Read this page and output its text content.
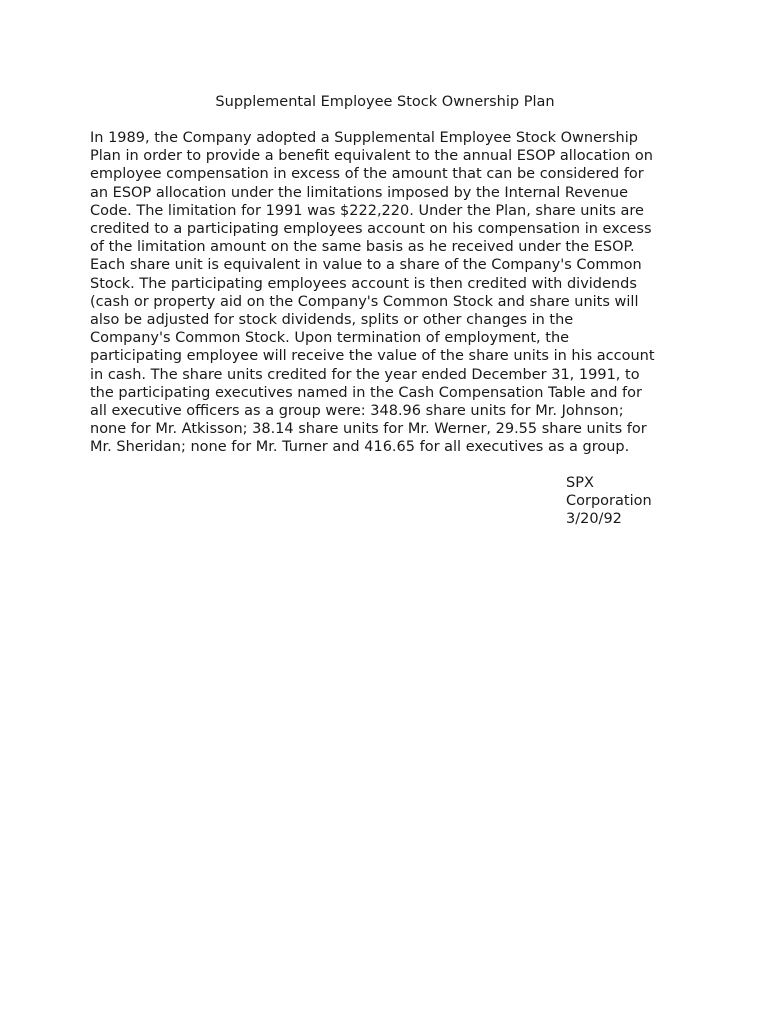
Supplemental Employee Stock Ownership Plan

In 1989, the Company adopted a Supplemental Employee Stock Ownership
Plan in order to provide a benefit equivalent to the annual ESOP allocation on
employee compensation in excess of the amount that can be considered for
an ESOP allocation under the limitations imposed by the Internal Revenue
Code. The limitation for 1991 was $222,220. Under the Plan, share units are
credited to a participating employees account on his compensation in excess
of the limitation amount on the same basis as he received under the ESOP.
Each share unit is equivalent in value to a share of the Company's Common
Stock. The participating employees account is then credited with dividends
(cash or property aid on the Company's Common Stock and share units will
also be adjusted for stock dividends, splits or other changes in the
Company's Common Stock. Upon termination of employment, the
participating employee will receive the value of the share units in his account
in cash. The share units credited for the year ended December 31, 1991, to
the participating executives named in the Cash Compensation Table and for
all executive officers as a group were: 348.96 share units for Mr. Johnson;
none for Mr. Atkisson; 38.14 share units for Mr. Werner, 29.55 share units for
Mr. Sheridan; none for Mr. Turner and 416.65 for all executives as a group.

SPX
Corporation
3/20/92
